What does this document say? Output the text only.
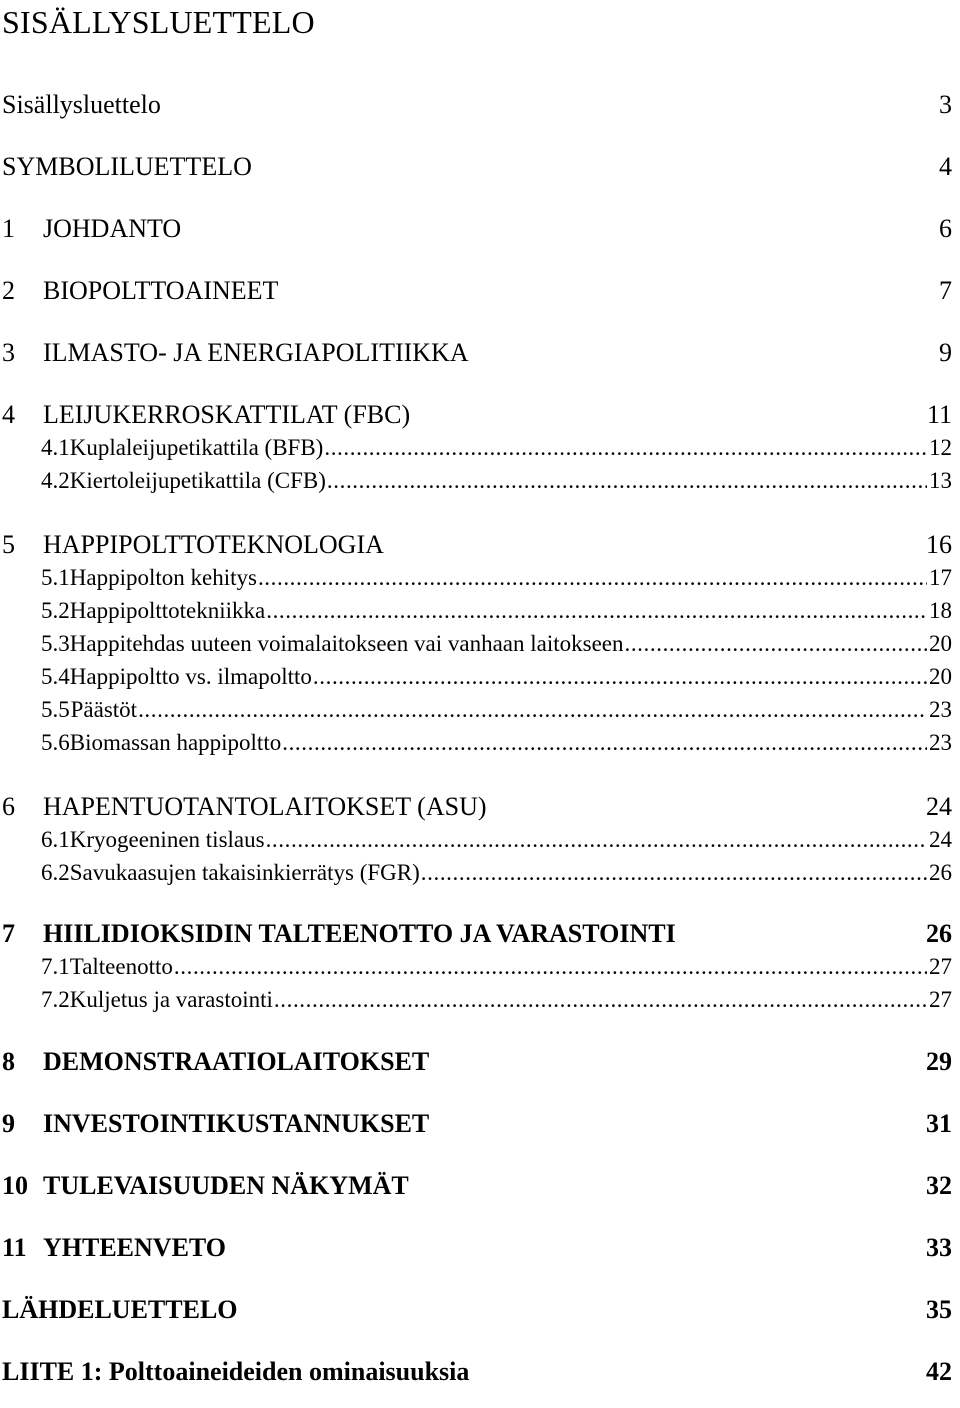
SISÄLLYSLUETTELO
Sisällysluettelo	3
SYMBOLILUETTELO	4
1	JOHDANTO	6
2	BIOPOLTTOAINEET	7
3	ILMASTO- JA ENERGIAPOLITIIKKA	9
4	LEIJUKERROSKATTILAT (FBC)	11
4.1 Kuplaleijupetikattila (BFB) .....	12
4.2 Kiertoleijupetikattila (CFB) .....	13
5	HAPPIPOLTTOTEKNOLOGIA	16
5.1 Happipolton kehitys .....	17
5.2 Happipolttotekniikka .....	18
5.3 Happitehdas uuteen voimalaitokseen vai vanhaan laitokseen .....	20
5.4 Happipoltto vs. ilmapoltto .....	20
5.5 Päästöt .....	23
5.6 Biomassan happipoltto .....	23
6	HAPENTUOTANTOLAITOKSET (ASU)	24
6.1 Kryogeeninen tislaus .....	24
6.2 Savukaasujen takaisinkierrätys (FGR) .....	26
7	HIILIDIOKSIDIN TALTEENOTTO JA VARASTOINTI	26
7.1 Talteenotto .....	27
7.2 Kuljetus ja varastointi .....	27
8	DEMONSTRAATIOLAITOKSET	29
9	INVESTOINTIKUSTANNUKSET	31
10 TULEVAISUUDEN NÄKYMÄT	32
11 YHTEENVETO	33
LÄHDELUETTELO	35
LIITE 1: Polttoaineideiden ominaisuuksia	42
